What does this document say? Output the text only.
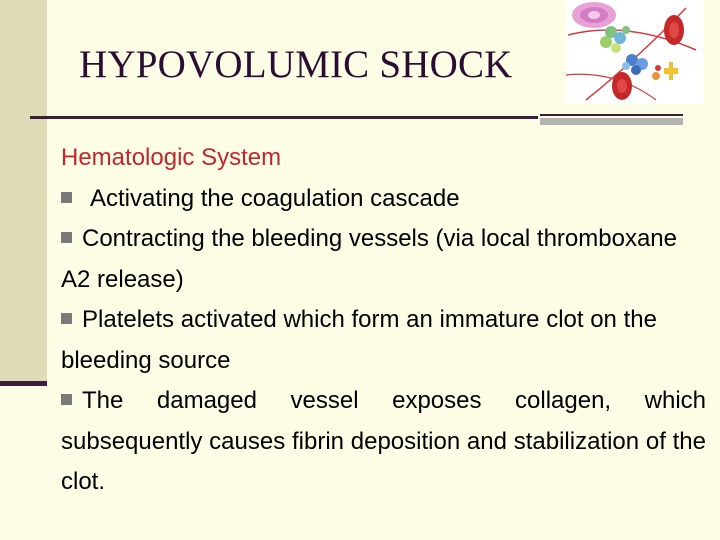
HYPOVOLUMIC SHOCK
Hematologic System

Activating the coagulation cascade

Contracting the bleeding vessels (via local thromboxane A2 release)

Platelets activated which form an immature clot on the bleeding source

The damaged vessel exposes collagen, which subsequently causes fibrin deposition and stabilization of the clot.
